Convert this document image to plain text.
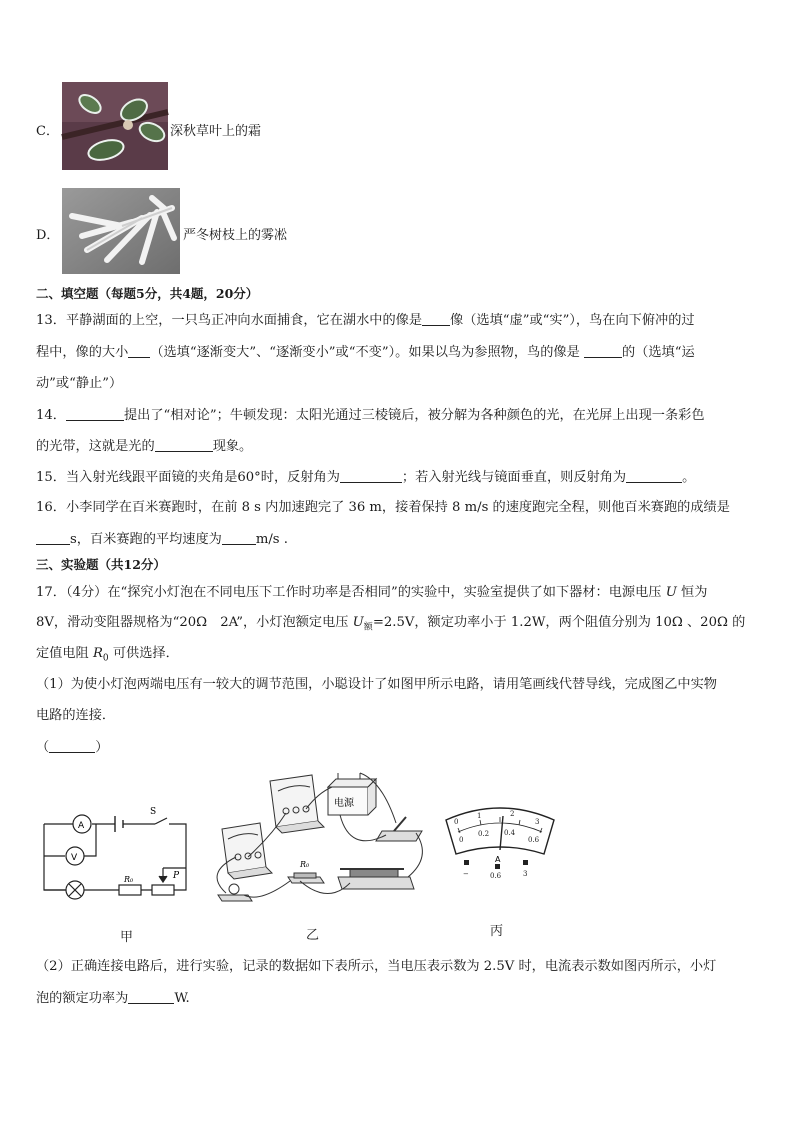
C．	深秋草叶上的霜
D．	严冬树枝上的雾凇
二、填空题（每题5分，共4题，20分）
13．平静湖面的上空，一只鸟正冲向水面捕食，它在湖水中的像是 像（选填“虚”或“实”），鸟在向下俯冲的过
程中，像的大小 （选填“逐渐变大”、“逐渐变小”或“不变”）。如果以鸟为参照物，鸟的像是	的（选填“运
动”或“静止”）
14．	提出了“相对论”；牛顿发现：太阳光通过三棱镜后，被分解为各种颜色的光，在光屏上出现一条彩色
的光带，这就是光的	现象。
15．当入射光线跟平面镜的夹角是60°时，反射角为	；若入射光线与镜面垂直，则反射角为	。
16．小李同学在百米赛跑时，在前 8 s 内加速跑完了 36 m，接着保持 8 m/s 的速度跑完全程，则他百米赛跑的成绩是
s，百米赛跑的平均速度为	m/s .
三、实验题（共12分）
17．（4分）在“探究小灯泡在不同电压下工作时功率是否相同”的实验中，实验室提供了如下器材：电源电压 U 恒为
8V，滑动变阻器规格为“20Ω　2A”，小灯泡额定电压 $U_额=2.5V$，额定功率小于 1.2W，两个阻值分别为 10Ω 、20Ω 的
定值电阻 $R_0$ 可供选择．
（1）为使小灯泡两端电压有一较大的调节范围，小聪设计了如图甲所示电路，请用笔画线代替导线，完成图乙中实物
电路的连接．
（	）
A
V
S
R₀	P
甲
电源
R₀
乙
0
1	2
3
0
0.2 0.4
0.6
A
−	0.6	3
丙
（2）正确连接电路后，进行实验，记录的数据如下表所示，当电压表示数为 2.5V 时，电流表示数如图丙所示，小灯
泡的额定功率为	W.
